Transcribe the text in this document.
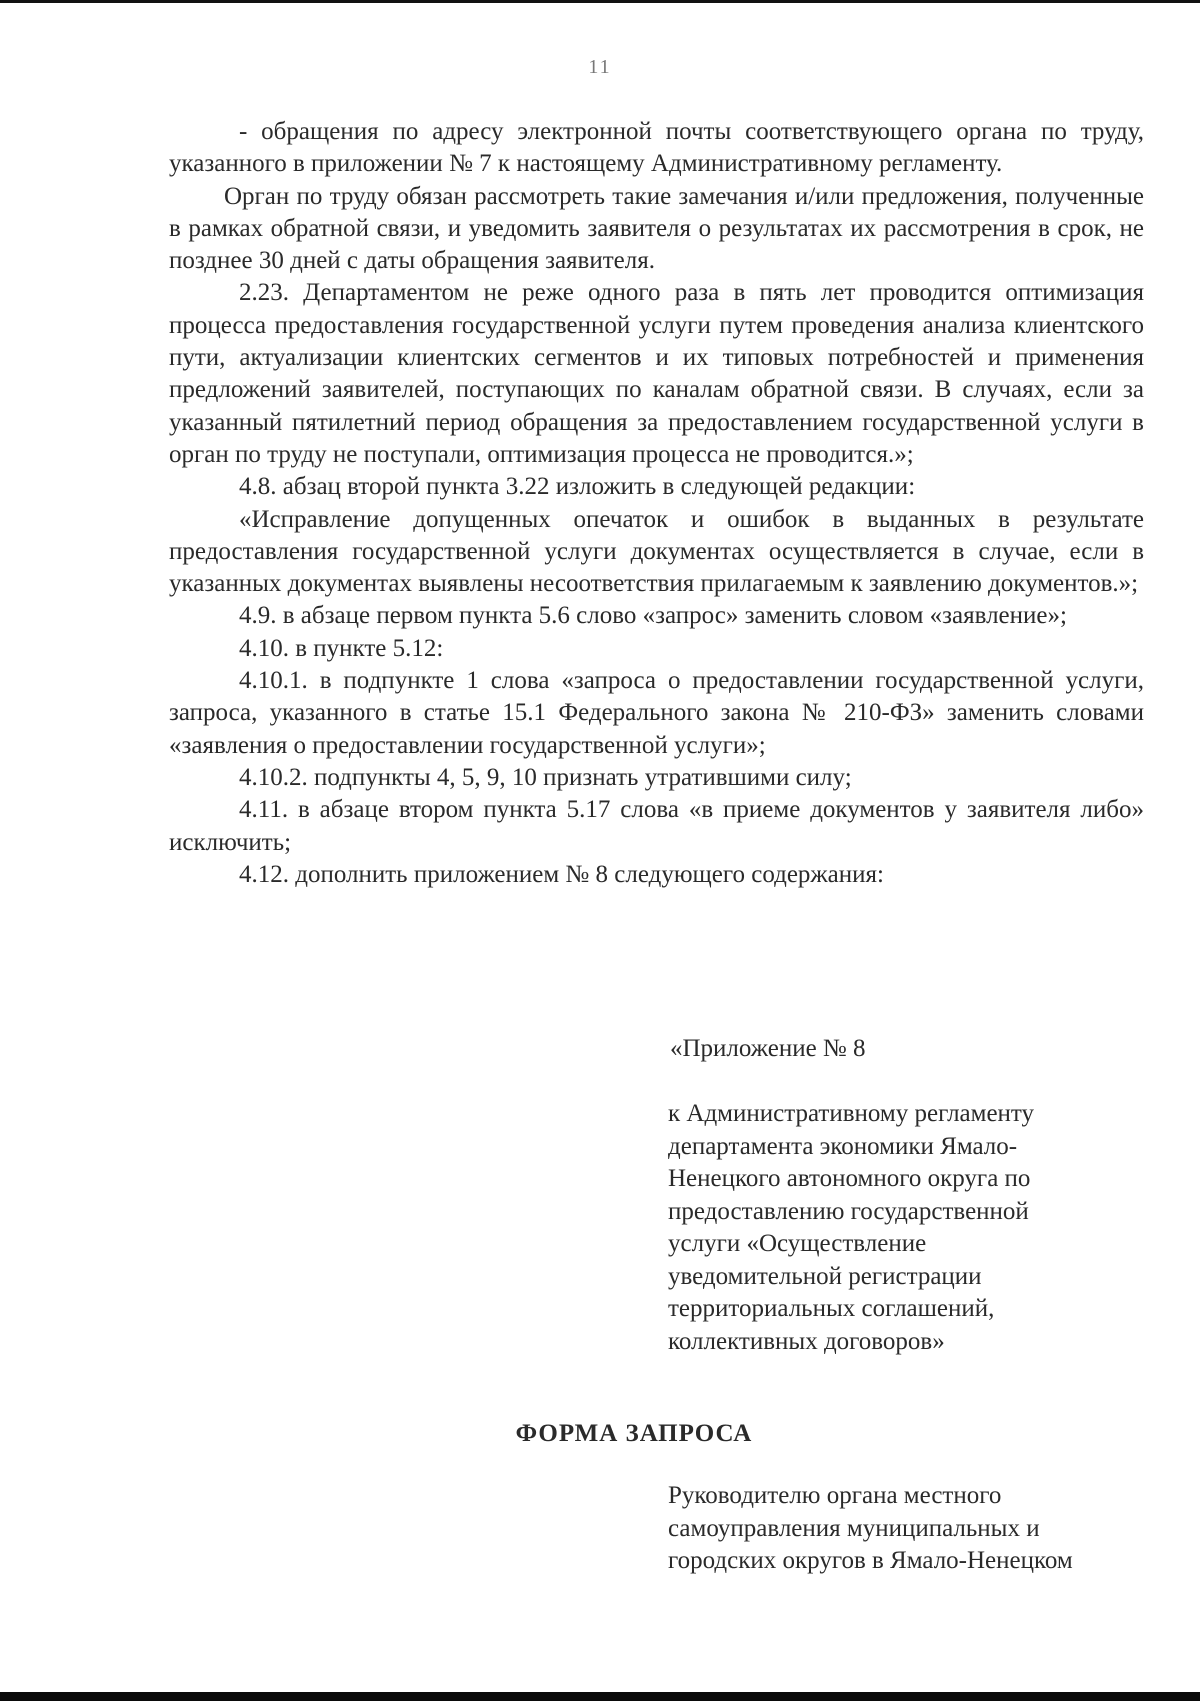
11

- обращения по адресу электронной почты соответствующего органа по труду, указанного в приложении № 7 к настоящему Административному регламенту.

Орган по труду обязан рассмотреть такие замечания и/или предложения, полученные в рамках обратной связи, и уведомить заявителя о результатах их рассмотрения в срок, не позднее 30 дней с даты обращения заявителя.

2.23. Департаментом не реже одного раза в пять лет проводится оптимизация процесса предоставления государственной услуги путем проведения анализа клиентского пути, актуализации клиентских сегментов и их типовых потребностей и применения предложений заявителей, поступающих по каналам обратной связи. В случаях, если за указанный пятилетний период обращения за предоставлением государственной услуги в орган по труду не поступали, оптимизация процесса не проводится.»;

4.8. абзац второй пункта 3.22 изложить в следующей редакции:

«Исправление допущенных опечаток и ошибок в выданных в результате предоставления государственной услуги документах осуществляется в случае, если в указанных документах выявлены несоответствия прилагаемым к заявлению документов.»;

4.9. в абзаце первом пункта 5.6 слово «запрос» заменить словом «заявление»;

4.10. в пункте 5.12:

4.10.1. в подпункте 1 слова «запроса о предоставлении государственной услуги, запроса, указанного в статье 15.1 Федерального закона № 210-ФЗ» заменить словами «заявления о предоставлении государственной услуги»;

4.10.2. подпункты 4, 5, 9, 10 признать утратившими силу;

4.11. в абзаце втором пункта 5.17 слова «в приеме документов у заявителя либо» исключить;

4.12. дополнить приложением № 8 следующего содержания:

«Приложение № 8
к Административному регламенту
департамента экономики Ямало-
Ненецкого автономного округа по
предоставлению государственной
услуги «Осуществление
уведомительной регистрации
территориальных соглашений,
коллективных договоров»
ФОРМА ЗАПРОСА
Руководителю органа местного
самоуправления муниципальных и
городских округов в Ямало-Ненецком
